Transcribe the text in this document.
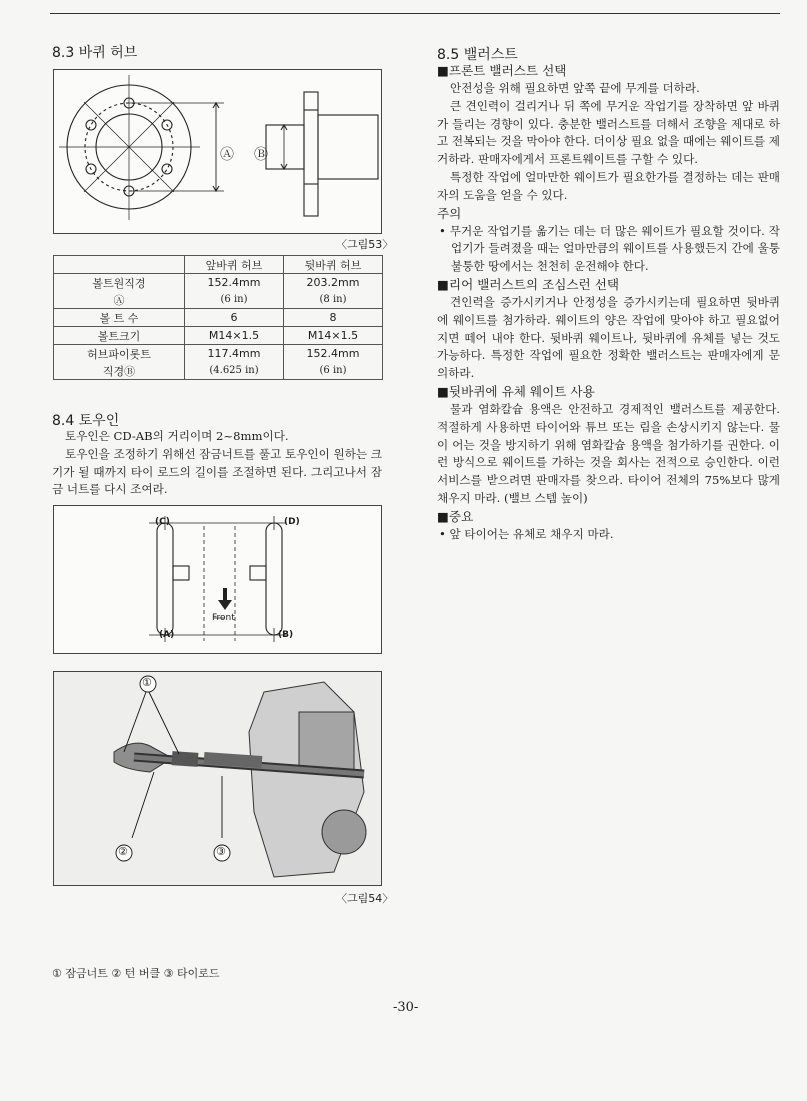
8.3 바퀴 허브
Ⓐ Ⓑ
〈그림53〉
	앞바퀴 허브	뒷바퀴 허브
볼트원직경	152.4mm	203.2mm
Ⓐ	(6 in)	(8 in)
볼 트 수	6	8
볼트크기	M14×1.5	M14×1.5
허브파이롯트	117.4mm	152.4mm
직경Ⓑ	(4.625 in)	(6 in)
8.4 토우인

토우인은 CD-AB의 거리이며 2~8mm이다.

토우인을 조정하기 위해선 잠금너트를 풀고 토우인이 원하는 크기가 될 때까지 타이 로드의 길이를 조절하면 된다. 그리고나서 잠금 너트를 다시 조여라.

(C)	(D)
(A)	(B)
Front
①
②	③
〈그림54〉
① 잠금너트 ② 턴 버클 ③ 타이로드
8.5 밸러스트
■프론트 밸러스트 선택

안전성을 위해 필요하면 앞쪽 끝에 무게를 더하라.

큰 견인력이 걸리거나 뒤 쪽에 무거운 작업기를 장착하면 앞 바퀴가 들리는 경향이 있다. 충분한 밸러스트를 더해서 조향을 제대로 하고 전복되는 것을 막아야 한다. 더이상 필요 없을 때에는 웨이트를 제거하라. 판매자에게서 프론트웨이트를 구할 수 있다.

특정한 작업에 얼마만한 웨이트가 필요한가를 결정하는 데는 판매자의 도움을 얻을 수 있다.

주의
• 무거운 작업기를 옮기는 데는 더 많은 웨이트가 필요할 것이다. 작업기가 들려졌을 때는 얼마만큼의 웨이트를 사용했든지 간에 울퉁불퉁한 땅에서는 천천히 운전해야 한다.
■리어 밸러스트의 조심스런 선택

견인력을 증가시키거나 안정성을 증가시키는데 필요하면 뒷바퀴에 웨이트를 첨가하라. 웨이트의 양은 작업에 맞아야 하고 필요없어지면 떼어 내야 한다. 뒷바퀴 웨이트나, 뒷바퀴에 유체를 넣는 것도 가능하다. 특정한 작업에 필요한 정확한 밸러스트는 판매자에게 문의하라.

■뒷바퀴에 유체 웨이트 사용

물과 염화칼슘 용액은 안전하고 경제적인 밸러스트를 제공한다. 적절하게 사용하면 타이어와 튜브 또는 림을 손상시키지 않는다. 물이 어는 것을 방지하기 위해 염화칼슘 용액을 첨가하기를 권한다. 이런 방식으로 웨이트를 가하는 것을 회사는 전적으로 승인한다. 이런 서비스를 받으려면 판매자를 찾으라. 타이어 전체의 75%보다 많게 채우지 마라. (밸브 스템 높이)

■중요
• 앞 타이어는 유체로 채우지 마라.
-30-
